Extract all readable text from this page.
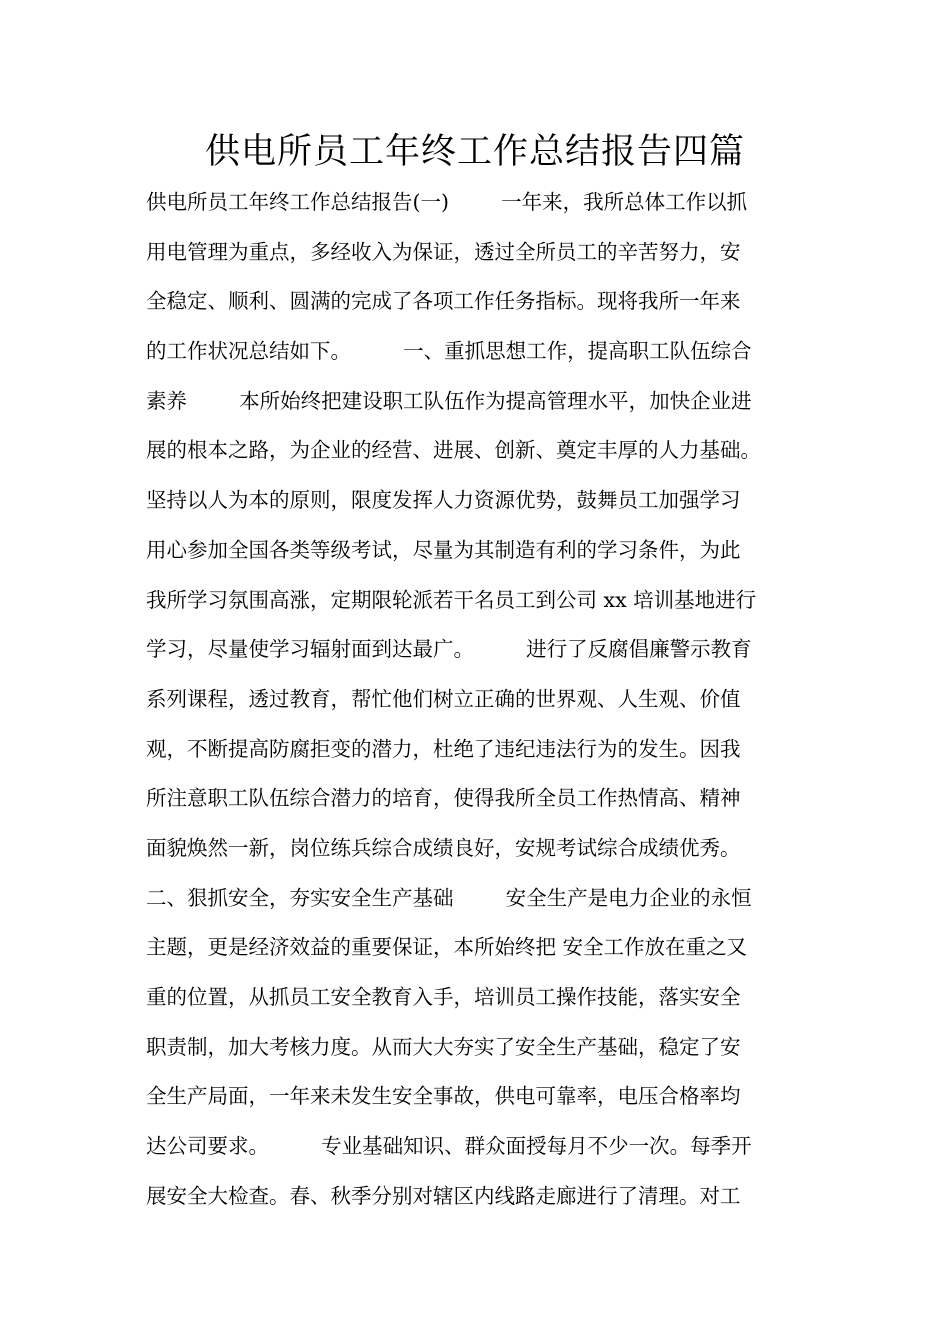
供电所员工年终工作总结报告四篇
供电所员工年终工作总结报告(一)        一年来，我所总体工作以抓
用电管理为重点，多经收入为保证，透过全所员工的辛苦努力，安
全稳定、顺利、圆满的完成了各项工作任务指标。现将我所一年来
的工作状况总结如下。        一、重抓思想工作，提高职工队伍综合
素养        本所始终把建设职工队伍作为提高管理水平，加快企业进
展的根本之路，为企业的经营、进展、创新、奠定丰厚的人力基础。
坚持以人为本的原则，限度发挥人力资源优势，鼓舞员工加强学习
用心参加全国各类等级考试，尽量为其制造有利的学习条件，为此
我所学习氛围高涨，定期限轮派若干名员工到公司 xx 培训基地进行
学习，尽量使学习辐射面到达最广。        进行了反腐倡廉警示教育
系列课程，透过教育，帮忙他们树立正确的世界观、人生观、价值
观，不断提高防腐拒变的潜力，杜绝了违纪违法行为的发生。因我
所注意职工队伍综合潜力的培育，使得我所全员工作热情高、精神
面貌焕然一新，岗位练兵综合成绩良好，安规考试综合成绩优秀。
二、狠抓安全，夯实安全生产基础        安全生产是电力企业的永恒
主题，更是经济效益的重要保证，本所始终把 安全工作放在重之又
重的位置，从抓员工安全教育入手，培训员工操作技能，落实安全
职责制，加大考核力度。从而大大夯实了安全生产基础，稳定了安
全生产局面，一年来未发生安全事故，供电可靠率，电压合格率均
达公司要求。        专业基础知识、群众面授每月不少一次。每季开
展安全大检查。春、秋季分别对辖区内线路走廊进行了清理。对工
